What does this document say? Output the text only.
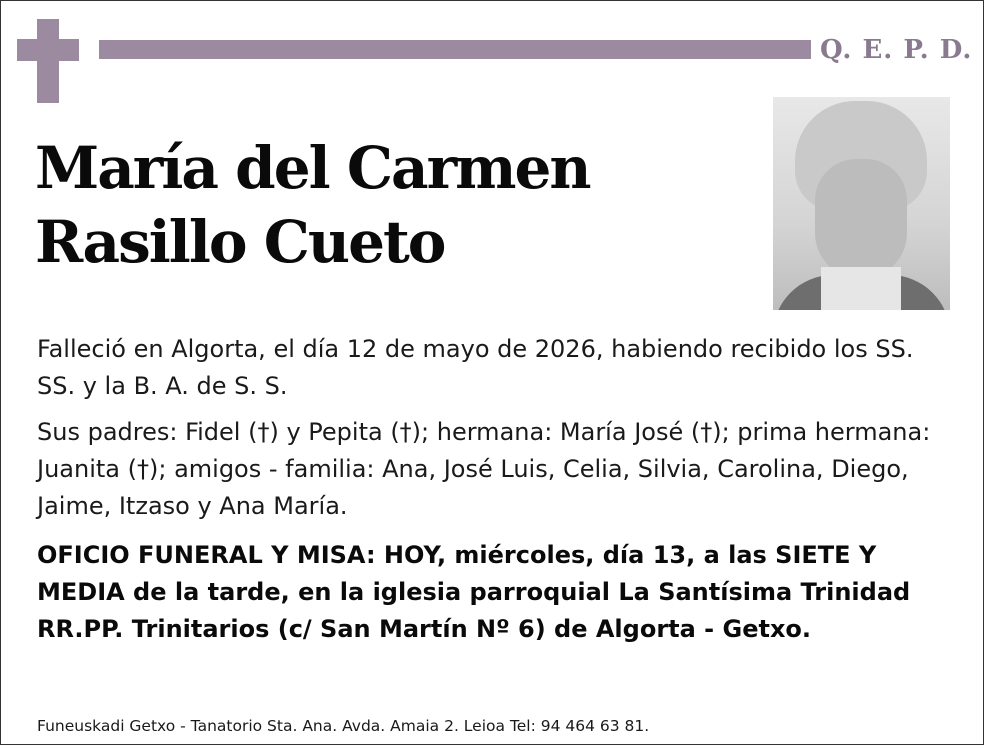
Q. E. P. D.
María del Carmen
Rasillo Cueto

Falleció en Algorta, el día 12 de mayo de 2026, habiendo recibido los SS. SS. y la B. A. de S. S.

Sus padres: Fidel (†) y Pepita (†); hermana: María José (†); prima hermana: Juanita (†); amigos - familia: Ana, José Luis, Celia, Silvia, Carolina, Diego, Jaime, Itzaso y Ana María.

OFICIO FUNERAL Y MISA: HOY, miércoles, día 13, a las SIETE Y MEDIA de la tarde, en la iglesia parroquial La Santísima Trinidad RR.PP. Trinitarios (c/ San Martín Nº 6) de Algorta - Getxo.

Funeuskadi Getxo - Tanatorio Sta. Ana. Avda. Amaia 2. Leioa Tel: 94 464 63 81.
